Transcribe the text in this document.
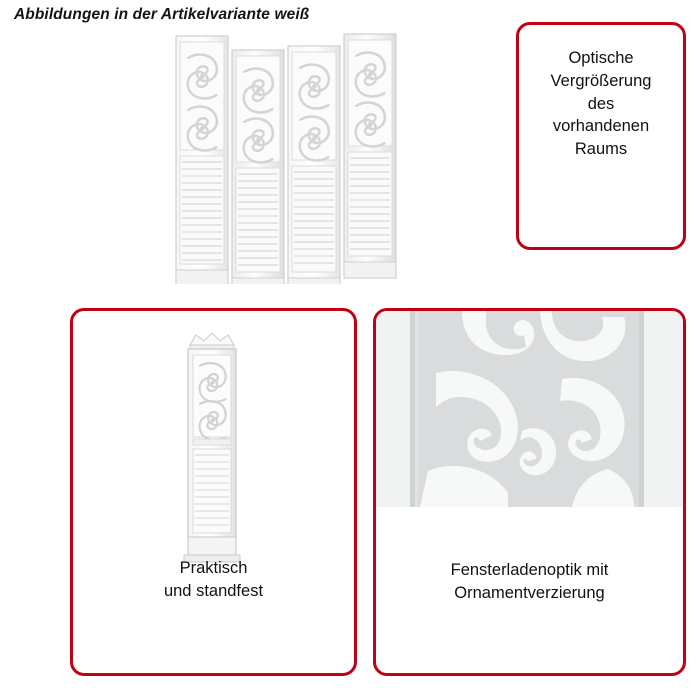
Abbildungen in der Artikelvariante weiß
Optische
Vergrößerung
des
vorhandenen
Raums
Praktisch
und standfest
Fensterladenoptik mit
Ornamentverzierung
